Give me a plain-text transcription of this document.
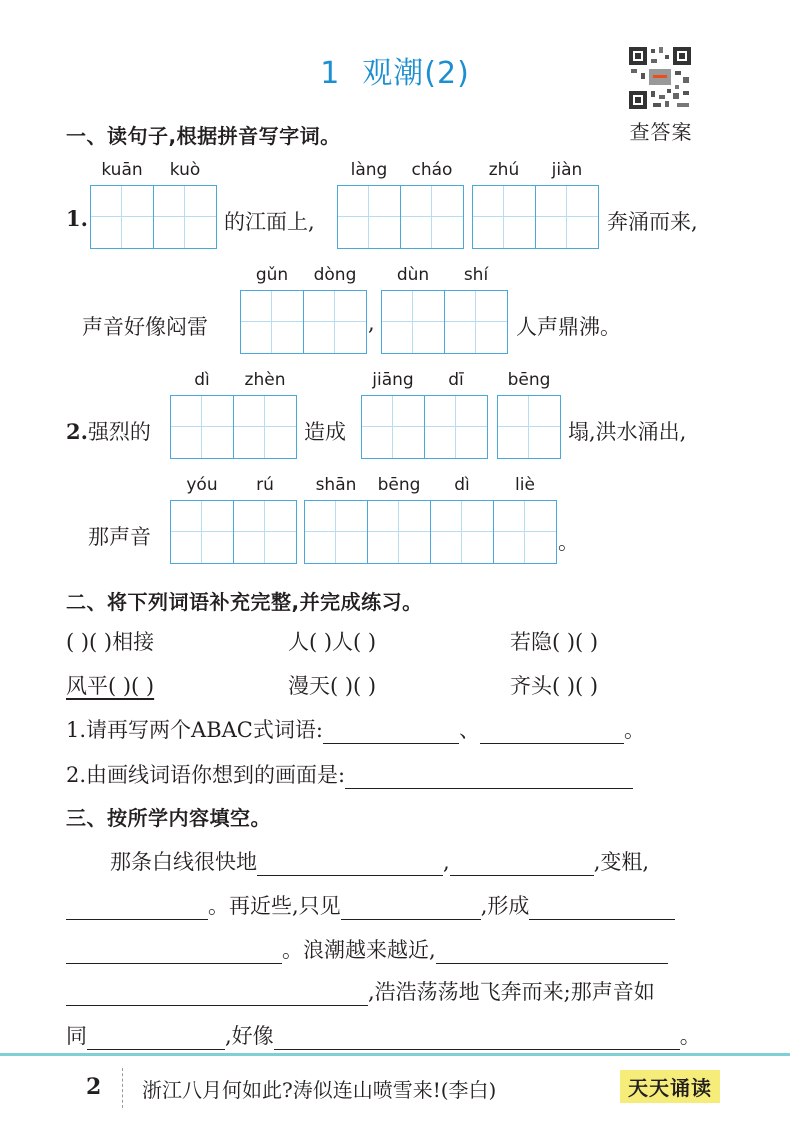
1 观潮(2)
查答案
一、读句子,根据拼音写字词。
kuān	kuò
1.	的江面上,
làng	cháo	zhú	jiàn
奔涌而来,
声音好像闷雷
gǔn	dòng
,
dùn	shí
人声鼎沸。
2.强烈的
dì	zhèn
造成
jiāng	dī	bēng
塌,洪水涌出,
那声音
yóu	rú	shān	bēng	dì	liè
。
二、将下列词语补充完整,并完成练习。
( )( )相接	人( )人( )	若隐( )( )
风平( )( )	漫天( )( )	齐头( )( )
1.请再写两个ABAC式词语:	、	。
2.由画线词语你想到的画面是:
三、按所学内容填空。
那条白线很快地	,	,变粗,
。再近些,只见	,形成
。浪潮越来越近,
,浩浩荡荡地飞奔而来;那声音如
同	,好像	。
2 浙江八月何如此?涛似连山喷雪来!(李白)	天天诵读
